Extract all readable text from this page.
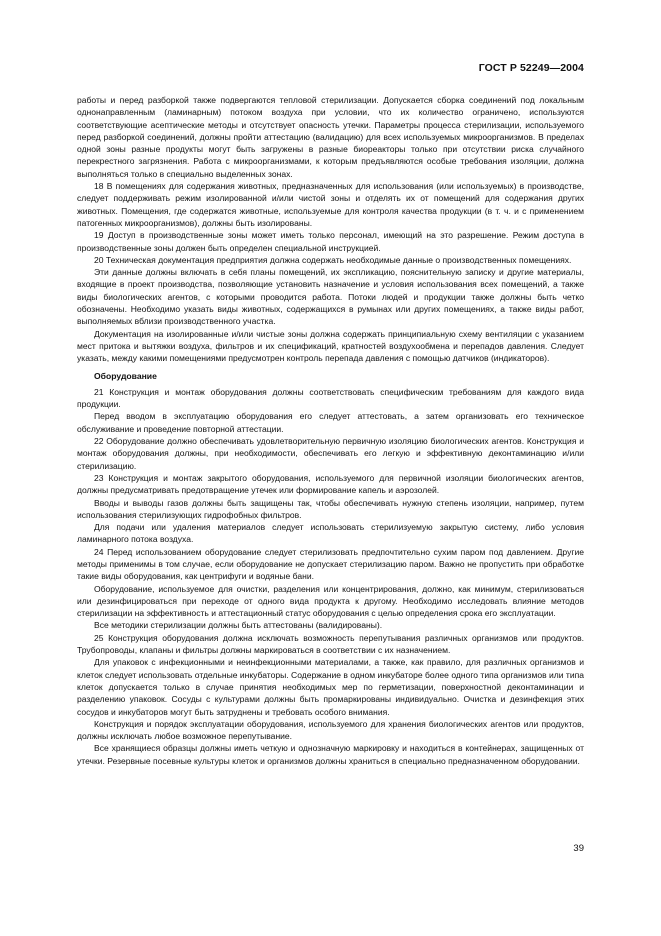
ГОСТ Р 52249—2004

работы и перед разборкой также подвергаются тепловой стерилизации. Допускается сборка соединений под локальным однонаправленным (ламинарным) потоком воздуха при условии, что их количество ограничено, используются соответствующие асептические методы и отсутствует опасность утечки. Параметры процесса стерилизации, используемого перед разборкой соединений, должны пройти аттестацию (валидацию) для всех используемых микроорганизмов. В пределах одной зоны разные продукты могут быть загружены в разные биореакторы только при отсутствии риска случайного перекрестного загрязнения. Работа с микроорганизмами, к которым предъявляются особые требования изоляции, должна выполняться только в специально выделенных зонах.

18 В помещениях для содержания животных, предназначенных для использования (или используемых) в производстве, следует поддерживать режим изолированной и/или чистой зоны и отделять их от помещений для содержания других животных. Помещения, где содержатся животные, используемые для контроля качества продукции (в т. ч. и с применением патогенных микроорганизмов), должны быть изолированы.

19 Доступ в производственные зоны может иметь только персонал, имеющий на это разрешение. Режим доступа в производственные зоны должен быть определен специальной инструкцией.

20 Техническая документация предприятия должна содержать необходимые данные о производственных помещениях.

Эти данные должны включать в себя планы помещений, их экспликацию, пояснительную записку и другие материалы, входящие в проект производства, позволяющие установить назначение и условия использования всех помещений, а также виды биологических агентов, с которыми проводится работа. Потоки людей и продукции также должны быть четко обозначены. Необходимо указать виды животных, содержащихся в румынах или других помещениях, а также виды работ, выполняемых вблизи производственного участка.

Документация на изолированные и/или чистые зоны должна содержать принципиальную схему вентиляции с указанием мест притока и вытяжки воздуха, фильтров и их спецификаций, кратностей воздухообмена и перепадов давления. Следует указать, между какими помещениями предусмотрен контроль перепада давления с помощью датчиков (индикаторов).

Оборудование

21 Конструкция и монтаж оборудования должны соответствовать специфическим требованиям для каждого вида продукции.

Перед вводом в эксплуатацию оборудования его следует аттестовать, а затем организовать его техническое обслуживание и проведение повторной аттестации.

22 Оборудование должно обеспечивать удовлетворительную первичную изоляцию биологических агентов. Конструкция и монтаж оборудования должны, при необходимости, обеспечивать его легкую и эффективную деконтаминацию и/или стерилизацию.

23 Конструкция и монтаж закрытого оборудования, используемого для первичной изоляции биологических агентов, должны предусматривать предотвращение утечек или формирование капель и аэрозолей.

Вводы и выводы газов должны быть защищены так, чтобы обеспечивать нужную степень изоляции, например, путем использования стерилизующих гидрофобных фильтров.

Для подачи или удаления материалов следует использовать стерилизуемую закрытую систему, либо условия ламинарного потока воздуха.

24 Перед использованием оборудование следует стерилизовать предпочтительно сухим паром под давлением. Другие методы применимы в том случае, если оборудование не допускает стерилизацию паром. Важно не пропустить при обработке такие виды оборудования, как центрифуги и водяные бани.

Оборудование, используемое для очистки, разделения или концентрирования, должно, как минимум, стерилизоваться или дезинфицироваться при переходе от одного вида продукта к другому. Необходимо исследовать влияние методов стерилизации на эффективность и аттестационный статус оборудования с целью определения срока его эксплуатации.

Все методики стерилизации должны быть аттестованы (валидированы).

25 Конструкция оборудования должна исключать возможность перепутывания различных организмов или продуктов. Трубопроводы, клапаны и фильтры должны маркироваться в соответствии с их назначением.

Для упаковок с инфекционными и неинфекционными материалами, а также, как правило, для различных организмов и клеток следует использовать отдельные инкубаторы. Содержание в одном инкубаторе более одного типа организмов или типа клеток допускается только в случае принятия необходимых мер по герметизации, поверхностной деконтаминации и разделению упаковок. Сосуды с культурами должны быть промаркированы индивидуально. Очистка и дезинфекция этих сосудов и инкубаторов могут быть затруднены и требовать особого внимания.

Конструкция и порядок эксплуатации оборудования, используемого для хранения биологических агентов или продуктов, должны исключать любое возможное перепутывание.

Все хранящиеся образцы должны иметь четкую и однозначную маркировку и находиться в контейнерах, защищенных от утечки. Резервные посевные культуры клеток и организмов должны храниться в специально предназначенном оборудовании.

39
